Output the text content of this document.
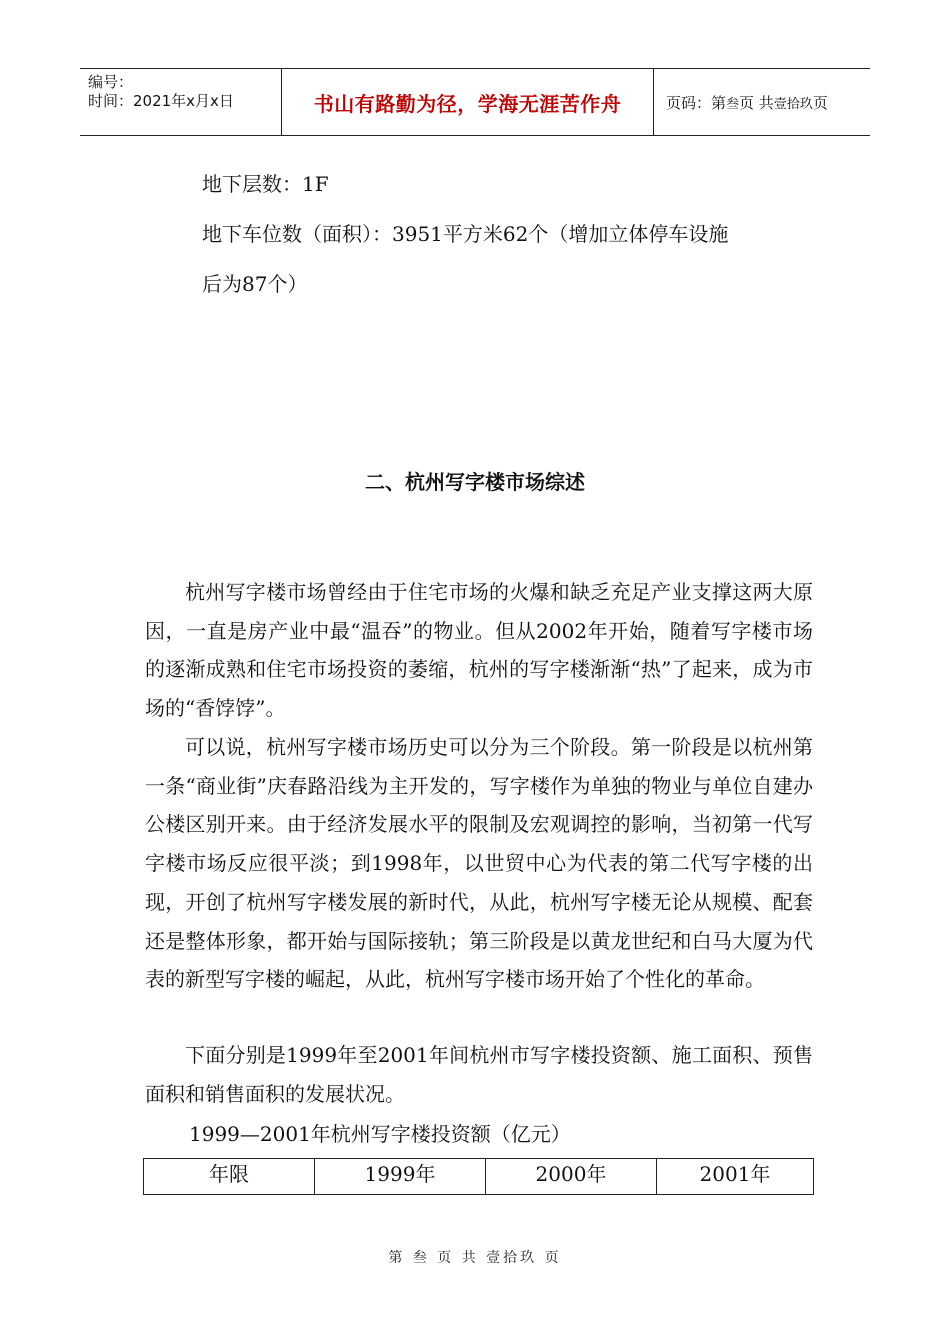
编号：
时间：2021年x月x日	书山有路勤为径，学海无涯苦作舟	页码：第 叁 页 共 壹拾玖 页
地下层数：1F
地下车位数（面积）：3951平方米62个（增加立体停车设施
后为87个）
二、杭州写字楼市场综述

杭州写字楼市场曾经由于住宅市场的火爆和缺乏充足产业支撑这两大原因，一直是房产业中最“温吞”的物业。但从2002年开始，随着写字楼市场的逐渐成熟和住宅市场投资的萎缩，杭州的写字楼渐渐“热”了起来，成为市场的“香饽饽”。

可以说，杭州写字楼市场历史可以分为三个阶段。第一阶段是以杭州第一条“商业街”庆春路沿线为主开发的，写字楼作为单独的物业与单位自建办公楼区别开来。由于经济发展水平的限制及宏观调控的影响，当初第一代写字楼市场反应很平淡；到1998年，以世贸中心为代表的第二代写字楼的出现，开创了杭州写字楼发展的新时代，从此，杭州写字楼无论从规模、配套还是整体形象，都开始与国际接轨；第三阶段是以黄龙世纪和白马大厦为代表的新型写字楼的崛起，从此，杭州写字楼市场开始了个性化的革命。

下面分别是1999年至2001年间杭州市写字楼投资额、施工面积、预售面积和销售面积的发展状况。

1999—2001年杭州写字楼投资额（亿元）
年限	1999年	2000年	2001年
第 叁 页 共 壹拾玖 页
